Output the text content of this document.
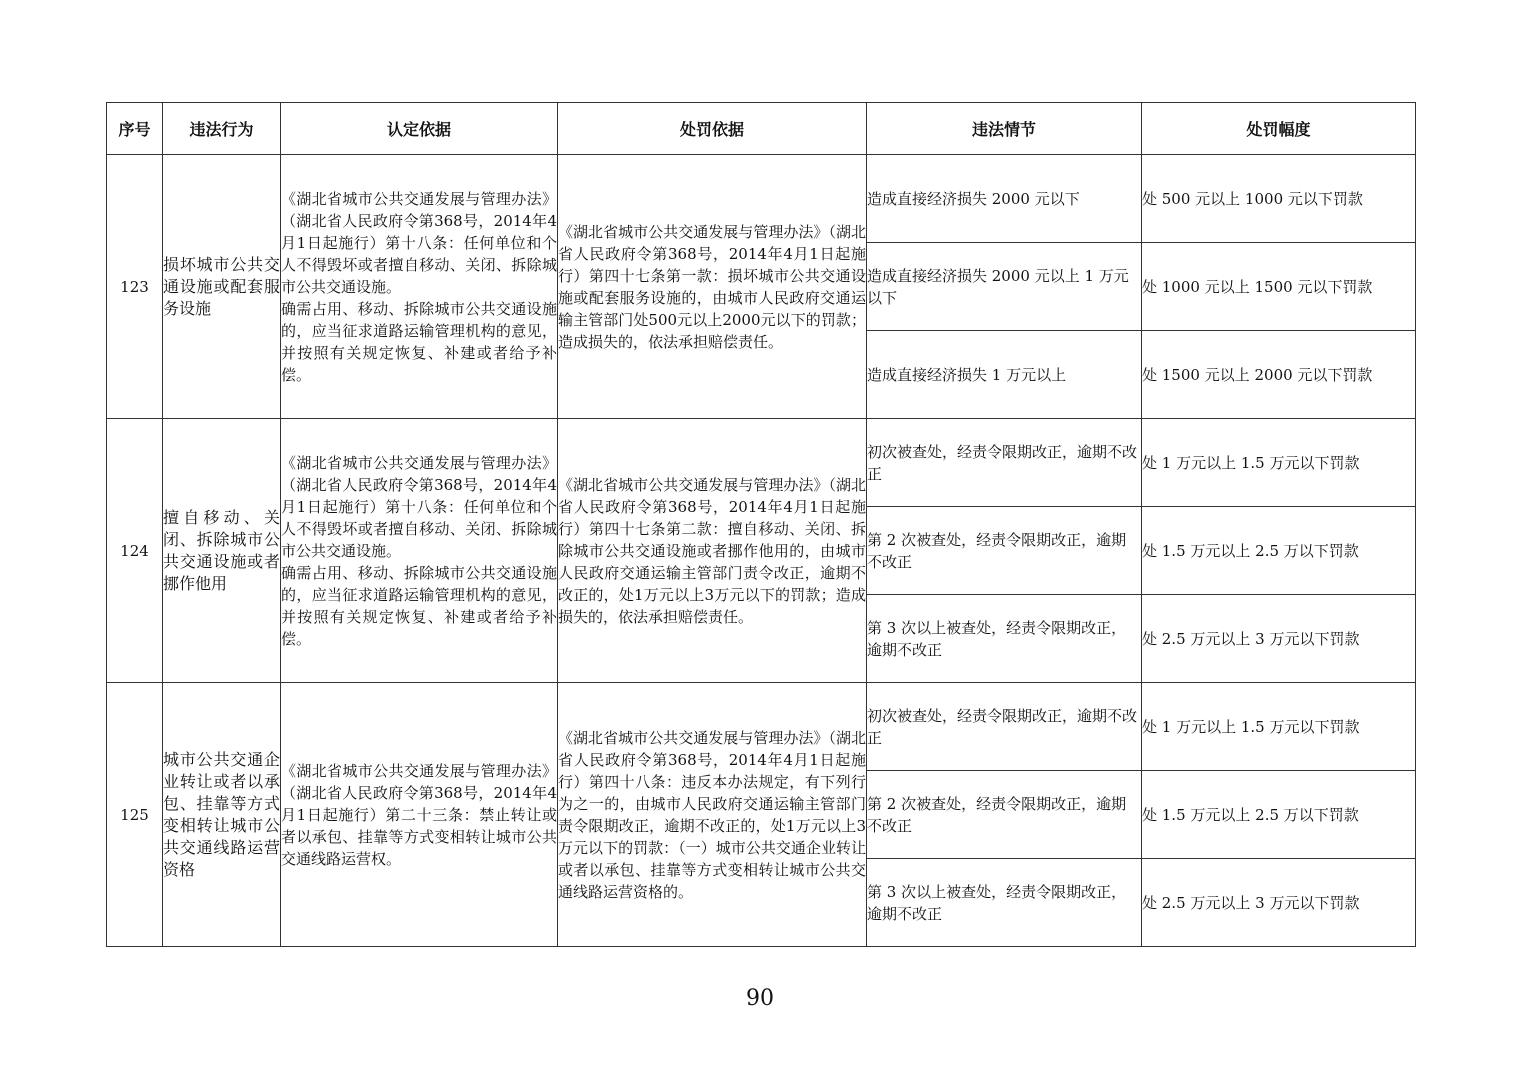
序号	违法行为	认定依据	处罚依据	违法情节	处罚幅度
123	损坏城市公共交通设施或配套服务设施	《湖北省城市公共交通发展与管理办法》（湖北省人民政府令第368号，2014年4月1日起施行）第十八条：任何单位和个人不得毁坏或者擅自移动、关闭、拆除城市公共交通设施。
确需占用、移动、拆除城市公共交通设施的，应当征求道路运输管理机构的意见，并按照有关规定恢复、补建或者给予补偿。	《湖北省城市公共交通发展与管理办法》（湖北省人民政府令第368号，2014年4月1日起施行）第四十七条第一款：损坏城市公共交通设施或配套服务设施的，由城市人民政府交通运输主管部门处500元以上2000元以下的罚款；造成损失的，依法承担赔偿责任。	造成直接经济损失 2000 元以下	处 500 元以上 1000 元以下罚款
				造成直接经济损失 2000 元以上 1 万元以下	处 1000 元以上 1500 元以下罚款
				造成直接经济损失 1 万元以上	处 1500 元以上 2000 元以下罚款
124	擅自移动、关闭、拆除城市公共交通设施或者挪作他用	《湖北省城市公共交通发展与管理办法》（湖北省人民政府令第368号，2014年4月1日起施行）第十八条：任何单位和个人不得毁坏或者擅自移动、关闭、拆除城市公共交通设施。
确需占用、移动、拆除城市公共交通设施的，应当征求道路运输管理机构的意见，并按照有关规定恢复、补建或者给予补偿。	《湖北省城市公共交通发展与管理办法》（湖北省人民政府令第368号，2014年4月1日起施行）第四十七条第二款：擅自移动、关闭、拆除城市公共交通设施或者挪作他用的，由城市人民政府交通运输主管部门责令改正，逾期不改正的，处1万元以上3万元以下的罚款；造成损失的，依法承担赔偿责任。	初次被查处，经责令限期改正，逾期不改正	处 1 万元以上 1.5 万元以下罚款
				第 2 次被查处，经责令限期改正，逾期不改正	处 1.5 万元以上 2.5 万以下罚款
				第 3 次以上被查处，经责令限期改正，逾期不改正	处 2.5 万元以上 3 万元以下罚款
125	城市公共交通企业转让或者以承包、挂靠等方式变相转让城市公共交通线路运营资格	《湖北省城市公共交通发展与管理办法》（湖北省人民政府令第368号，2014年4月1日起施行）第二十三条：禁止转让或者以承包、挂靠等方式变相转让城市公共交通线路运营权。	《湖北省城市公共交通发展与管理办法》（湖北省人民政府令第368号，2014年4月1日起施行）第四十八条：违反本办法规定，有下列行为之一的，由城市人民政府交通运输主管部门责令限期改正，逾期不改正的，处1万元以上3万元以下的罚款：（一）城市公共交通企业转让或者以承包、挂靠等方式变相转让城市公共交通线路运营资格的。	初次被查处，经责令限期改正，逾期不改正	处 1 万元以上 1.5 万元以下罚款
				第 2 次被查处，经责令限期改正，逾期不改正	处 1.5 万元以上 2.5 万以下罚款
				第 3 次以上被查处，经责令限期改正，逾期不改正	处 2.5 万元以上 3 万元以下罚款
90
